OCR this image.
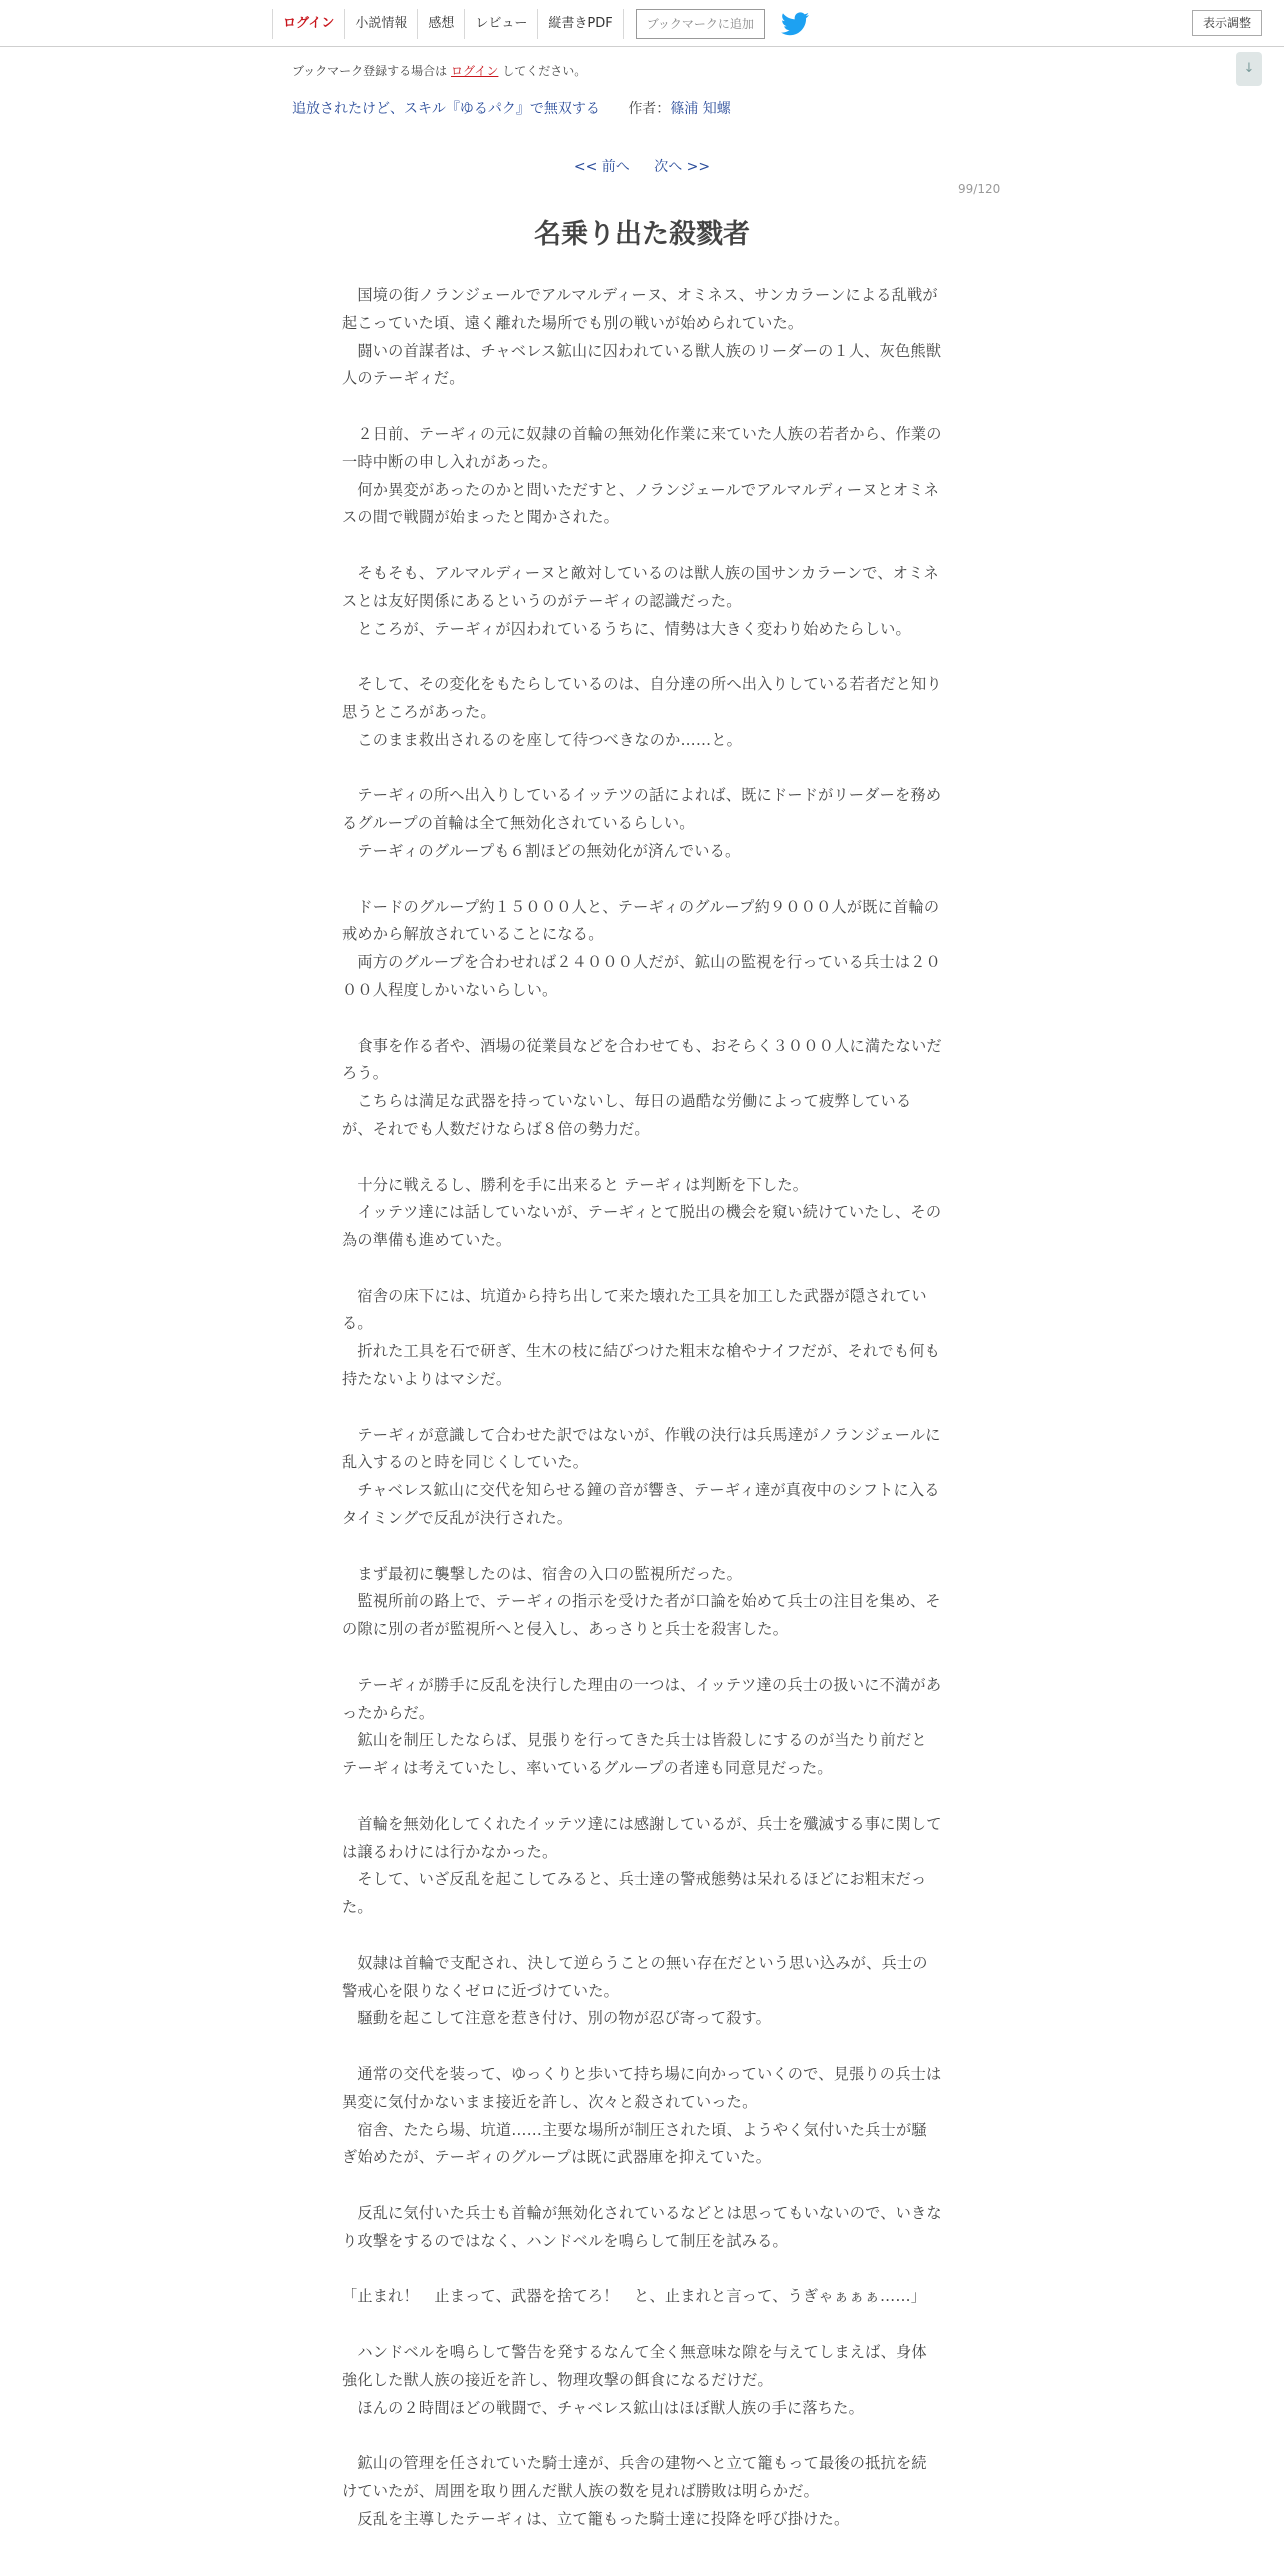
ログイン	小説情報	感想	レビュー	縦書きPDF	ブックマークに追加	表示調整
↓
ブックマーク登録する場合は ログイン してください。
追放されたけど、スキル『ゆるパク』で無双する 作者：篠浦 知螺
<< 前へ 次へ >>
99/120
名乗り出た殺戮者

　国境の街ノランジェールでアルマルディーヌ、オミネス、サンカラーンによる乱戦が起こっていた頃、遠く離れた場所でも別の戦いが始められていた。

　闘いの首謀者は、チャベレス鉱山に囚われている獣人族のリーダーの１人、灰色熊獣人のテーギィだ。

　２日前、テーギィの元に奴隷の首輪の無効化作業に来ていた人族の若者から、作業の一時中断の申し入れがあった。

　何か異変があったのかと問いただすと、ノランジェールでアルマルディーヌとオミネスの間で戦闘が始まったと聞かされた。

　そもそも、アルマルディーヌと敵対しているのは獣人族の国サンカラーンで、オミネスとは友好関係にあるというのがテーギィの認識だった。

　ところが、テーギィが囚われているうちに、情勢は大きく変わり始めたらしい。

　そして、その変化をもたらしているのは、自分達の所へ出入りしている若者だと知り思うところがあった。

　このまま救出されるのを座して待つべきなのか……と。

　テーギィの所へ出入りしているイッテツの話によれば、既にドードがリーダーを務めるグループの首輪は全て無効化されているらしい。

　テーギィのグループも６割ほどの無効化が済んでいる。

　ドードのグループ約１５０００人と、テーギィのグループ約９０００人が既に首輪の戒めから解放されていることになる。

　両方のグループを合わせれば２４０００人だが、鉱山の監視を行っている兵士は２０００人程度しかいないらしい。

　食事を作る者や、酒場の従業員などを合わせても、おそらく３０００人に満たないだろう。

　こちらは満足な武器を持っていないし、毎日の過酷な労働によって疲弊しているが、それでも人数だけならば８倍の勢力だ。

　十分に戦えるし、勝利を手に出来ると テーギィは判断を下した。

　イッテツ達には話していないが、テーギィとて脱出の機会を窺い続けていたし、その為の準備も進めていた。

　宿舎の床下には、坑道から持ち出して来た壊れた工具を加工した武器が隠されている。

　折れた工具を石で研ぎ、生木の枝に結びつけた粗末な槍やナイフだが、それでも何も持たないよりはマシだ。

　テーギィが意識して合わせた訳ではないが、作戦の決行は兵馬達がノランジェールに乱入するのと時を同じくしていた。

　チャベレス鉱山に交代を知らせる鐘の音が響き、テーギィ達が真夜中のシフトに入るタイミングで反乱が決行された。

　まず最初に襲撃したのは、宿舎の入口の監視所だった。

　監視所前の路上で、テーギィの指示を受けた者が口論を始めて兵士の注目を集め、その隙に別の者が監視所へと侵入し、あっさりと兵士を殺害した。

　テーギィが勝手に反乱を決行した理由の一つは、イッテツ達の兵士の扱いに不満があったからだ。

　鉱山を制圧したならば、見張りを行ってきた兵士は皆殺しにするのが当たり前だとテーギィは考えていたし、率いているグループの者達も同意見だった。

　首輪を無効化してくれたイッテツ達には感謝しているが、兵士を殲滅する事に関しては譲るわけには行かなかった。

　そして、いざ反乱を起こしてみると、兵士達の警戒態勢は呆れるほどにお粗末だった。

　奴隷は首輪で支配され、決して逆らうことの無い存在だという思い込みが、兵士の警戒心を限りなくゼロに近づけていた。

　騒動を起こして注意を惹き付け、別の物が忍び寄って殺す。

　通常の交代を装って、ゆっくりと歩いて持ち場に向かっていくので、見張りの兵士は異変に気付かないまま接近を許し、次々と殺されていった。

　宿舎、たたら場、坑道……主要な場所が制圧された頃、ようやく気付いた兵士が騒ぎ始めたが、テーギィのグループは既に武器庫を抑えていた。

　反乱に気付いた兵士も首輪が無効化されているなどとは思ってもいないので、いきなり攻撃をするのではなく、ハンドベルを鳴らして制圧を試みる。

「止まれ！　止まって、武器を捨てろ！　と、止まれと言って、うぎゃぁぁぁ……」

　ハンドベルを鳴らして警告を発するなんて全く無意味な隙を与えてしまえば、身体強化した獣人族の接近を許し、物理攻撃の餌食になるだけだ。

　ほんの２時間ほどの戦闘で、チャベレス鉱山はほぼ獣人族の手に落ちた。

　鉱山の管理を任されていた騎士達が、兵舎の建物へと立て籠もって最後の抵抗を続けていたが、周囲を取り囲んだ獣人族の数を見れば勝敗は明らかだ。

　反乱を主導したテーギィは、立て籠もった騎士達に投降を呼び掛けた。
